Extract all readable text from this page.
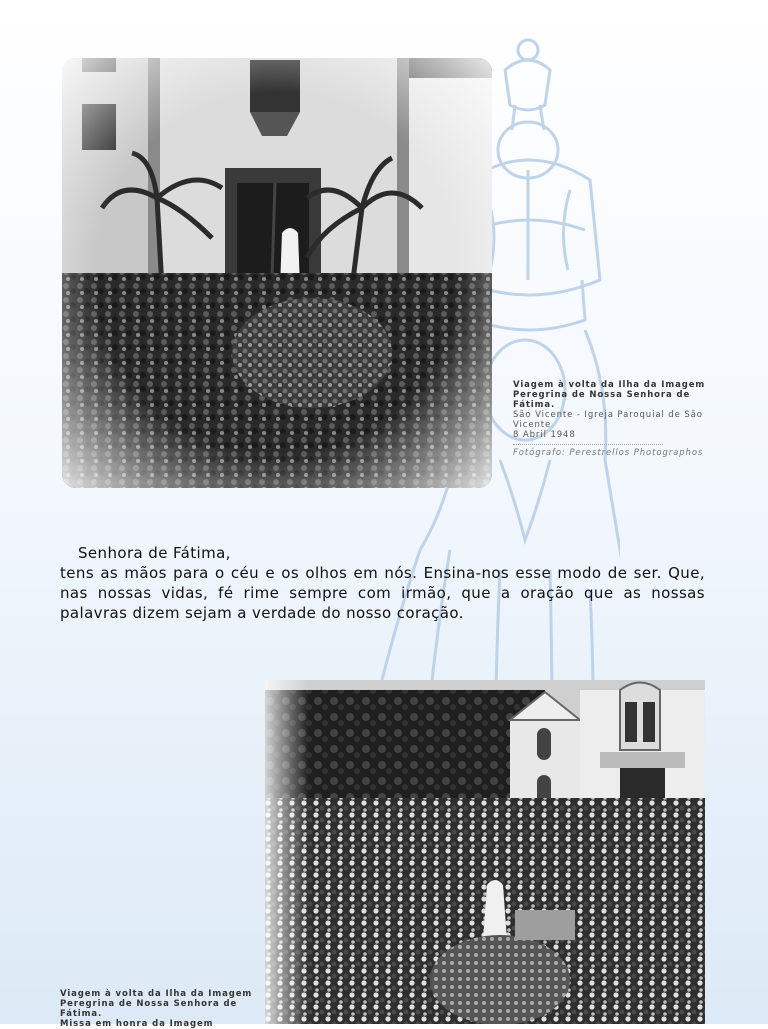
Viagem à volta da Ilha da Imagem Peregrina de Nossa Senhora de Fátima.
São Vicente - Igreja Paroquial de São Vicente
8 Abril 1948
Fotógrafo: Perestrellos Photographos
Senhora de Fátima,
tens as mãos para o céu e os olhos em nós. Ensina-nos esse modo de ser. Que, nas nossas vidas, fé rime sempre com irmão, que a oração que as nossas palavras dizem sejam a verdade do nosso coração.
Viagem à volta da Ilha da Imagem Peregrina de Nossa Senhora de Fátima.
Missa em honra da Imagem
